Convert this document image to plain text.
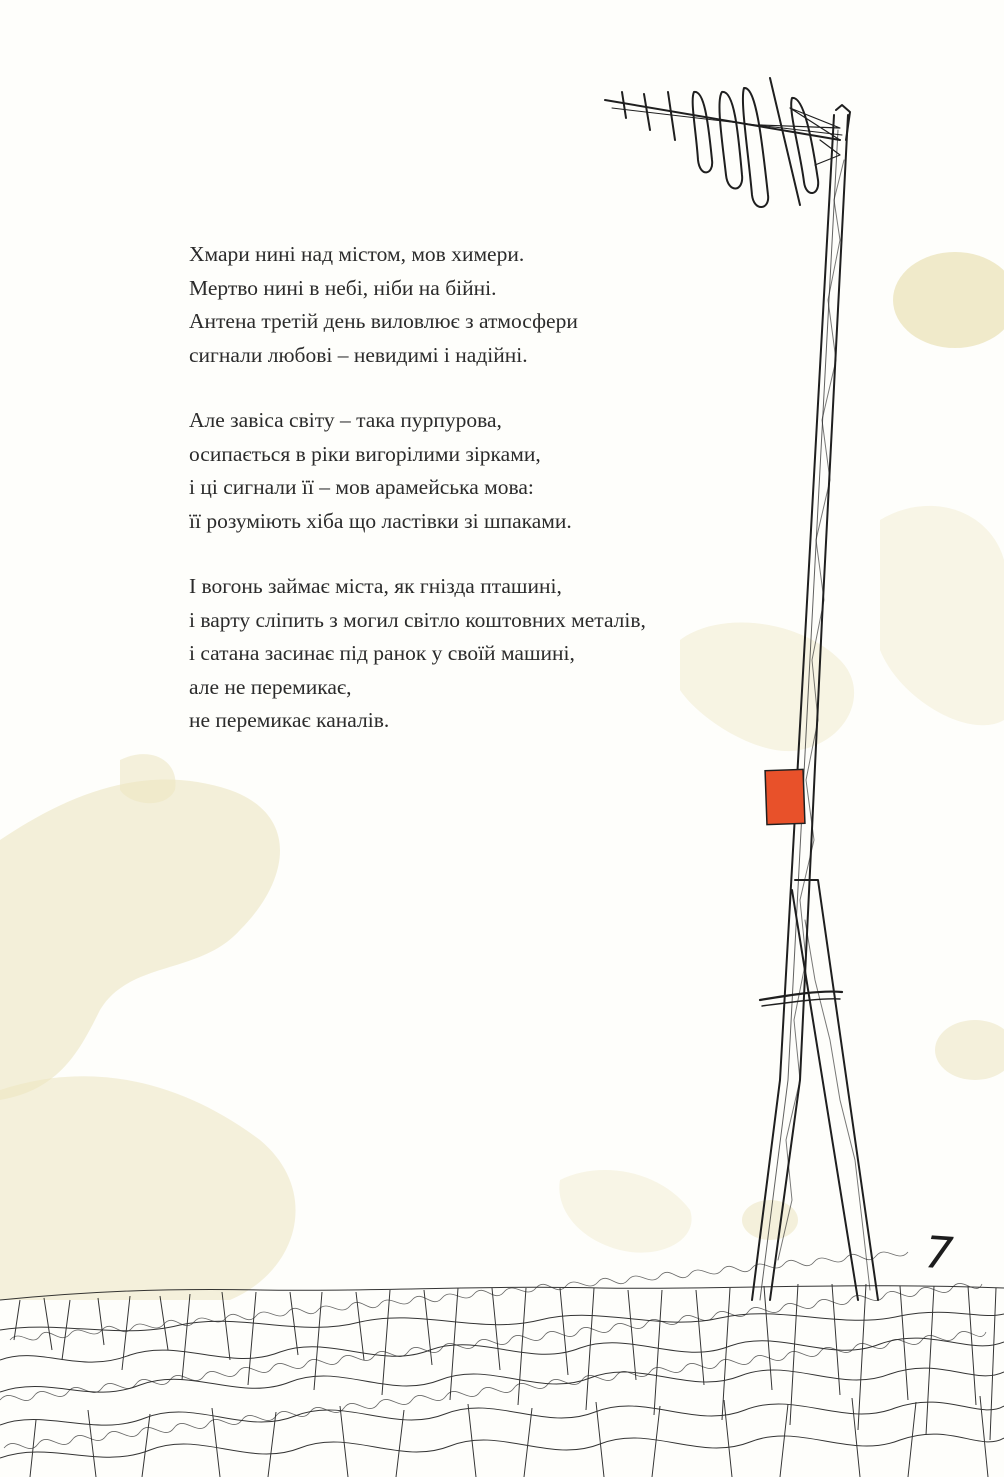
Хмари нині над містом, мов химери.
Мертво нині в небі, ніби на бійні.
Антена третій день виловлює з атмосфери
сигнали любові – невидимі і надійні.
Але завіса світу – така пурпурова,
осипається в ріки вигорілими зірками,
і ці сигнали її – мов арамейська мова:
її розуміють хіба що ластівки зі шпаками.
І вогонь займає міста, як гнізда пташині,
і варту сліпить з могил світло коштовних металів,
і сатана засинає під ранок у своїй машині,
але не перемикає,
не перемикає каналів.
7
